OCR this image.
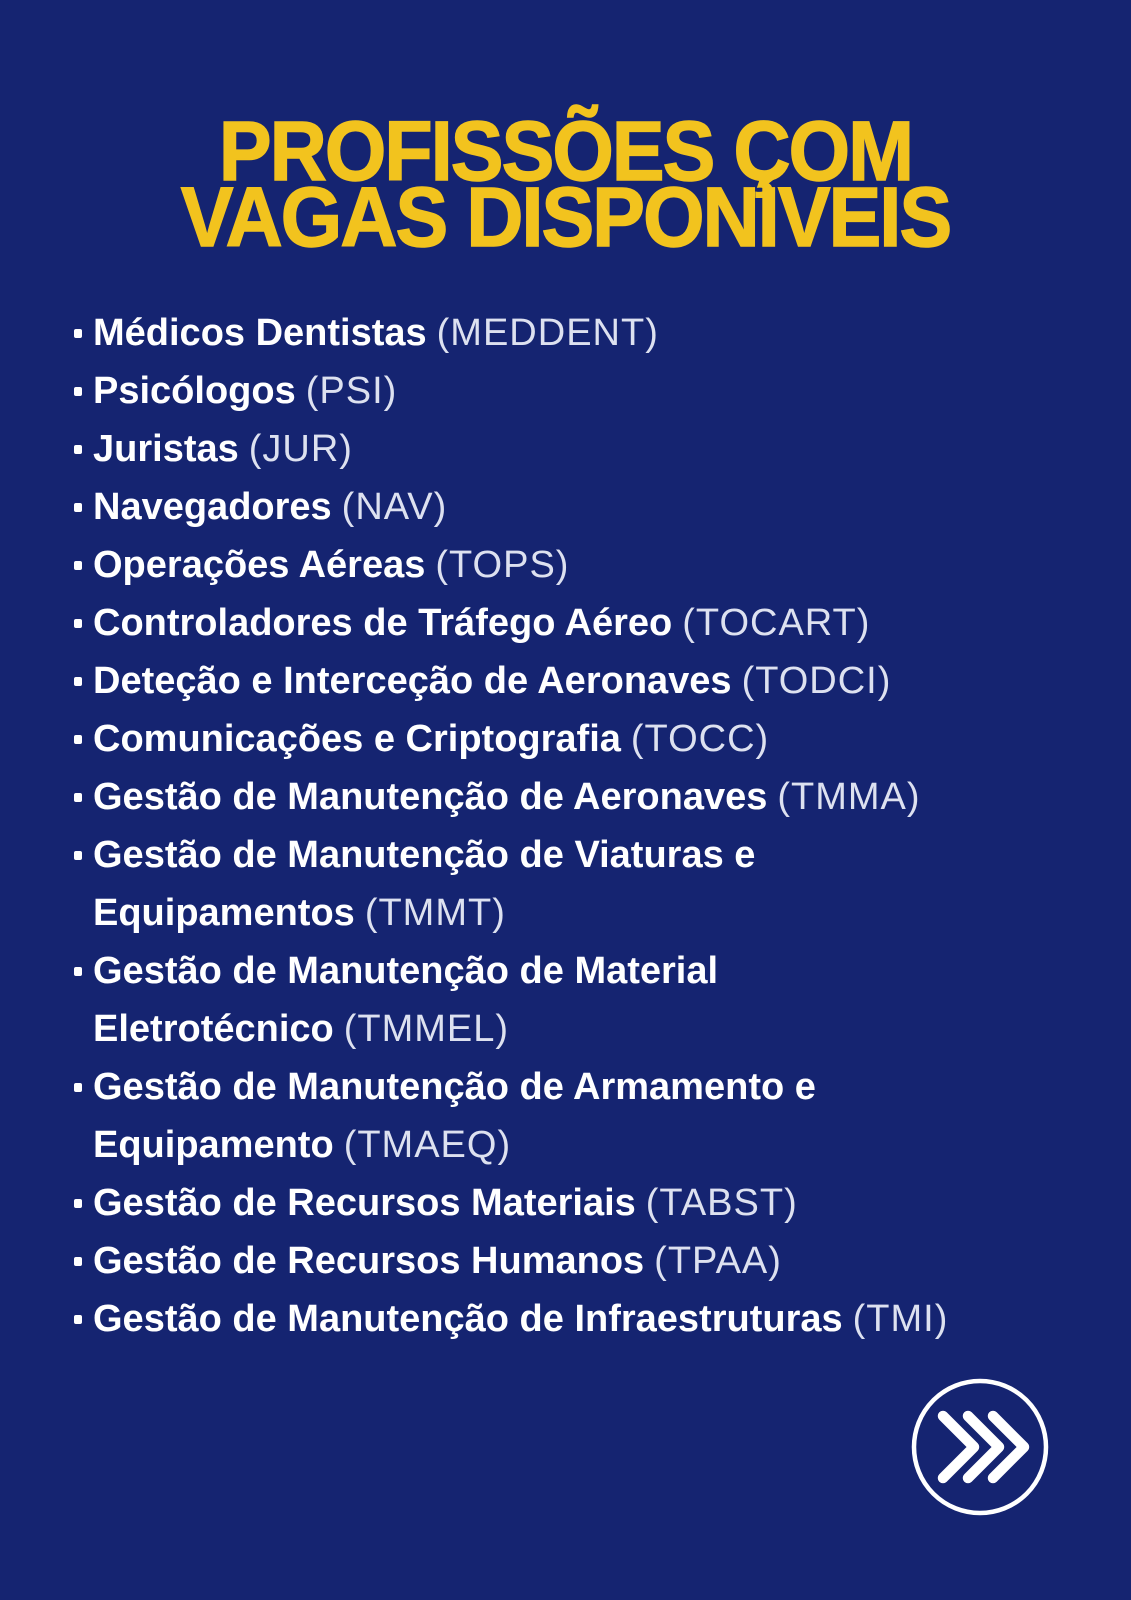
PROFISSÕES ÇOM
VAGAS DISPONÍVEIS
Médicos Dentistas (MEDDENT)
Psicólogos (PSI)
Juristas (JUR)
Navegadores (NAV)
Operações Aéreas (TOPS)
Controladores de Tráfego Aéreo (TOCART)
Deteção e Interceção de Aeronaves (TODCI)
Comunicações e Criptografia (TOCC)
Gestão de Manutenção de Aeronaves (TMMA)
Gestão de Manutenção de Viaturas e Equipamentos (TMMT)
Gestão de Manutenção de Material Eletrotécnico (TMMEL)
Gestão de Manutenção de Armamento e Equipamento (TMAEQ)
Gestão de Recursos Materiais (TABST)
Gestão de Recursos Humanos (TPAA)
Gestão de Manutenção de Infraestruturas (TMI)
